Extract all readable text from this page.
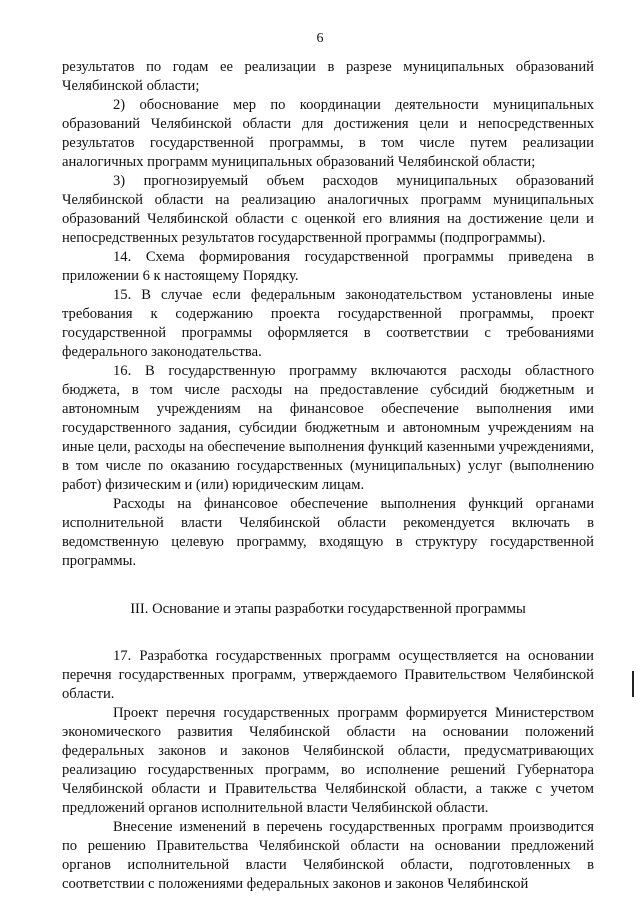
6

результатов по годам ее реализации в разрезе муниципальных образований Челябинской области;

2) обоснование мер по координации деятельности муниципальных образований Челябинской области для достижения цели и непосредственных результатов государственной программы, в том числе путем реализации аналогичных программ муниципальных образований Челябинской области;

3) прогнозируемый объем расходов муниципальных образований Челябинской области на реализацию аналогичных программ муниципальных образований Челябинской области с оценкой его влияния на достижение цели и непосредственных результатов государственной программы (подпрограммы).

14. Схема формирования государственной программы приведена в приложении 6 к настоящему Порядку.

15. В случае если федеральным законодательством установлены иные требования к содержанию проекта государственной программы, проект государственной программы оформляется в соответствии с требованиями федерального законодательства.

16. В государственную программу включаются расходы областного бюджета, в том числе расходы на предоставление субсидий бюджетным и автономным учреждениям на финансовое обеспечение выполнения ими государственного задания, субсидии бюджетным и автономным учреждениям на иные цели, расходы на обеспечение выполнения функций казенными учреждениями, в том числе по оказанию государственных (муниципальных) услуг (выполнению работ) физическим и (или) юридическим лицам.

Расходы на финансовое обеспечение выполнения функций органами исполнительной власти Челябинской области рекомендуется включать в ведомственную целевую программу, входящую в структуру государственной программы.

III. Основание и этапы разработки государственной программы

17. Разработка государственных программ осуществляется на основании перечня государственных программ, утверждаемого Правительством Челябинской области.

Проект перечня государственных программ формируется Министерством экономического развития Челябинской области на основании положений федеральных законов и законов Челябинской области, предусматривающих реализацию государственных программ, во исполнение решений Губернатора Челябинской области и Правительства Челябинской области, а также с учетом предложений органов исполнительной власти Челябинской области.

Внесение изменений в перечень государственных программ производится по решению Правительства Челябинской области на основании предложений органов исполнительной власти Челябинской области, подготовленных в соответствии с положениями федеральных законов и законов Челябинской
